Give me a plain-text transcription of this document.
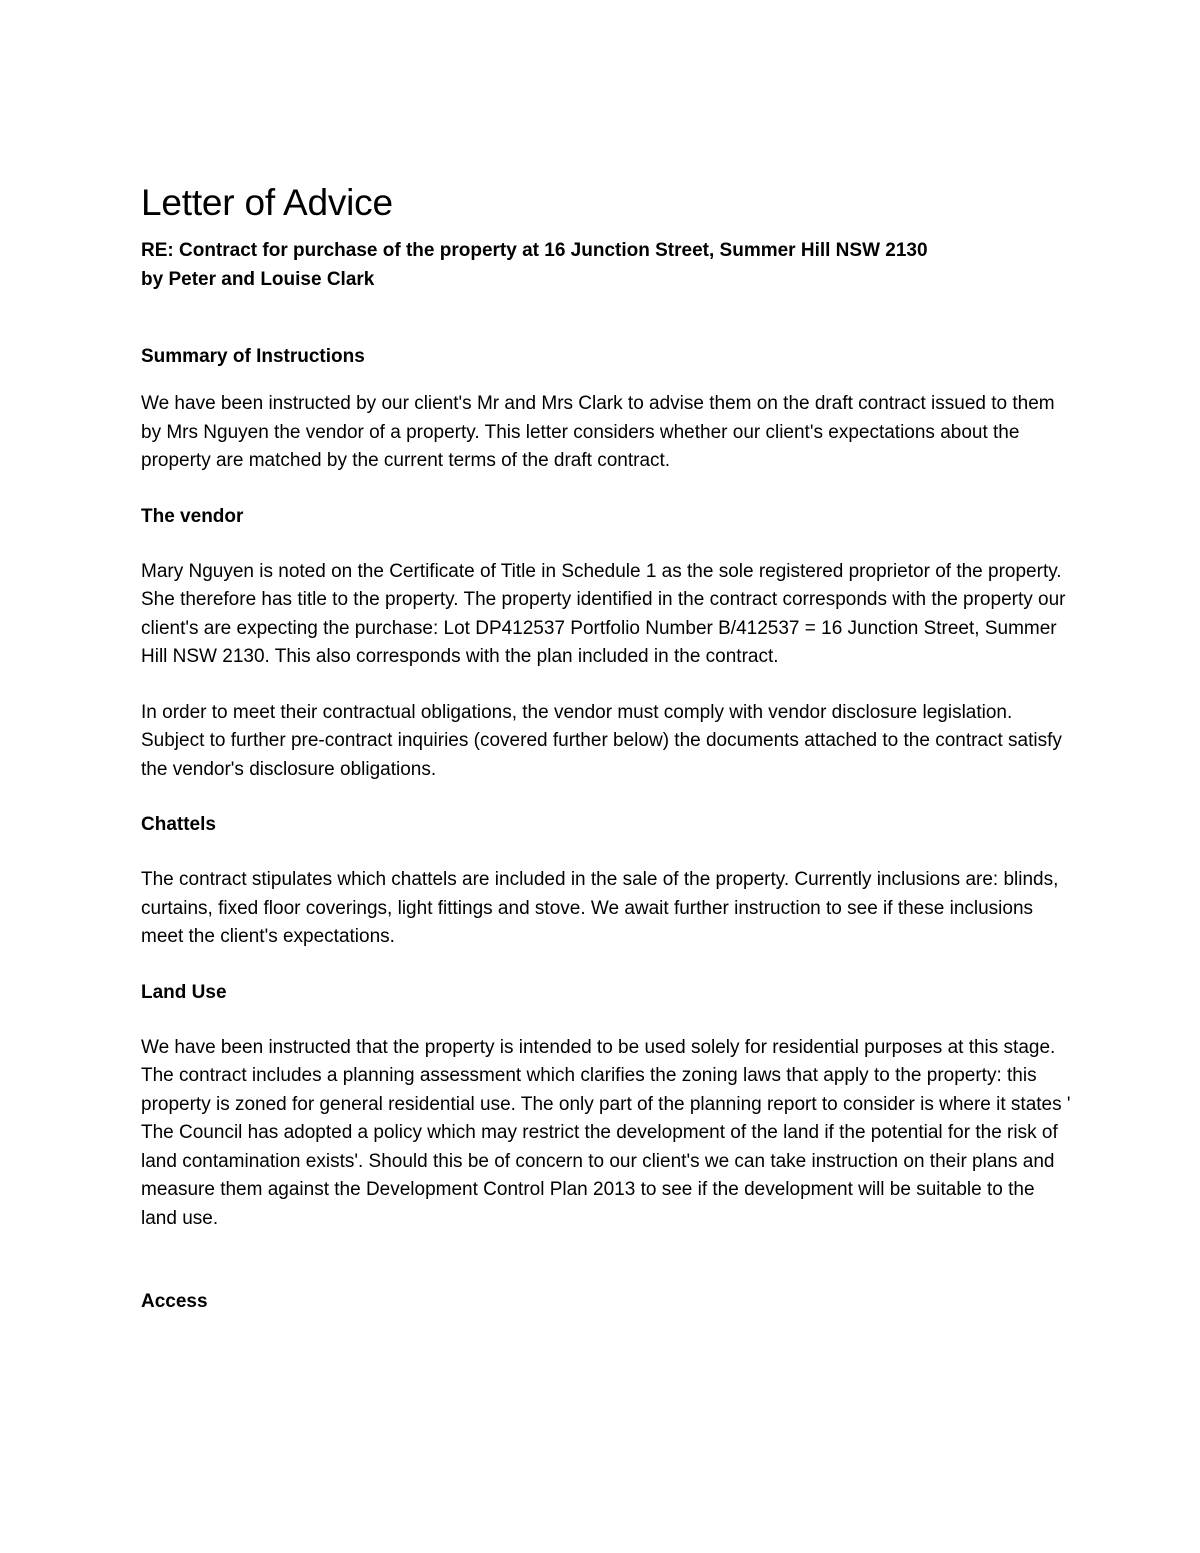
Letter of Advice

RE: Contract for purchase of the property at 16 Junction Street, Summer Hill NSW 2130
by Peter and Louise Clark

Summary of Instructions

We have been instructed by our client's Mr and Mrs Clark to advise them on the draft contract issued to them by Mrs Nguyen the vendor of a property. This letter considers whether our client's expectations about the property are matched by the current terms of the draft contract.

The vendor

Mary Nguyen is noted on the Certificate of Title in Schedule 1 as the sole registered proprietor of the property. She therefore has title to the property. The property identified in the contract corresponds with the property our client's are expecting the purchase: Lot DP412537 Portfolio Number B/412537 = 16 Junction Street, Summer Hill NSW 2130. This also corresponds with the plan included in the contract.

In order to meet their contractual obligations, the vendor must comply with vendor disclosure legislation. Subject to further pre-contract inquiries (covered further below) the documents attached to the contract satisfy the vendor's disclosure obligations.

Chattels

The contract stipulates which chattels are included in the sale of the property. Currently inclusions are: blinds, curtains, fixed floor coverings, light fittings and stove. We await further instruction to see if these inclusions meet the client's expectations.

Land Use

We have been instructed that the property is intended to be used solely for residential purposes at this stage. The contract includes a planning assessment which clarifies the zoning laws that apply to the property: this property is zoned for general residential use. The only part of the planning report to consider is where it states ' The Council has adopted a policy which may restrict the development of the land if the potential for the risk of land contamination exists'. Should this be of concern to our client's we can take instruction on their plans and measure them against the Development Control Plan 2013 to see if the development will be suitable to the land use.

Access
